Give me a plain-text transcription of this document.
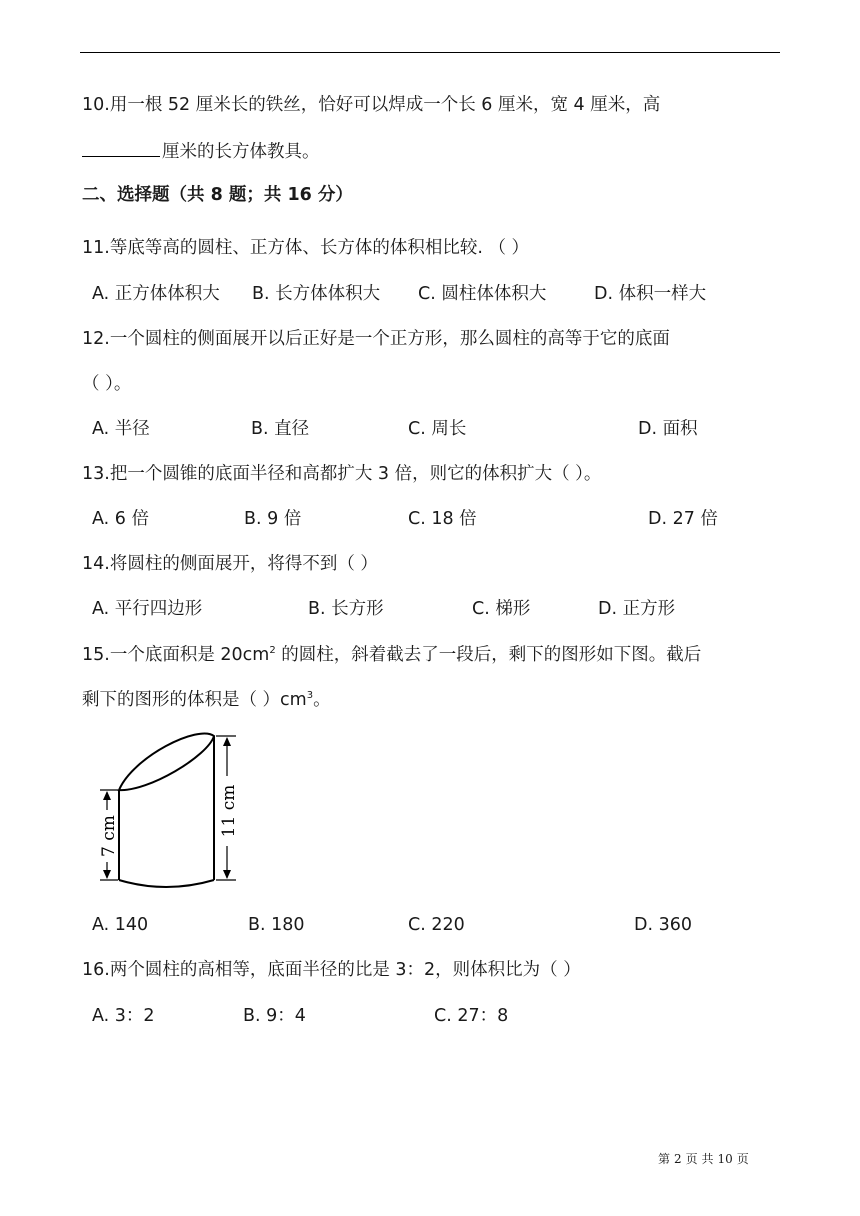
10.用一根 52 厘米长的铁丝，恰好可以焊成一个长 6 厘米，宽 4 厘米，高
厘米的长方体教具。
二、选择题（共 8 题；共 16 分）
11.等底等高的圆柱、正方体、长方体的体积相比较. （ ）
A. 正方体体积大 B. 长方体体积大 C. 圆柱体体积大	D. 体积一样大
12.一个圆柱的侧面展开以后正好是一个正方形，那么圆柱的高等于它的底面
（ ）。
A. 半径	B. 直径	C. 周长	D. 面积
13.把一个圆锥的底面半径和高都扩大 3 倍，则它的体积扩大（ ）。
A. 6 倍	B. 9 倍	C. 18 倍	D. 27 倍
14.将圆柱的侧面展开，将得不到（ ）
A. 平行四边形	B. 长方形	C. 梯形	D. 正方形
15.一个底面积是 $20cm^2$ 的圆柱，斜着截去了一段后，剩下的图形如下图。截后
剩下的图形的体积是（ ）$cm^3$。
7 cm	11 cm
A. 140	B. 180	C. 220	D. 360
16.两个圆柱的高相等，底面半径的比是 3：2，则体积比为（ ）
A. 3：2	B. 9：4	C. 27：8
第 2 页 共 10 页
